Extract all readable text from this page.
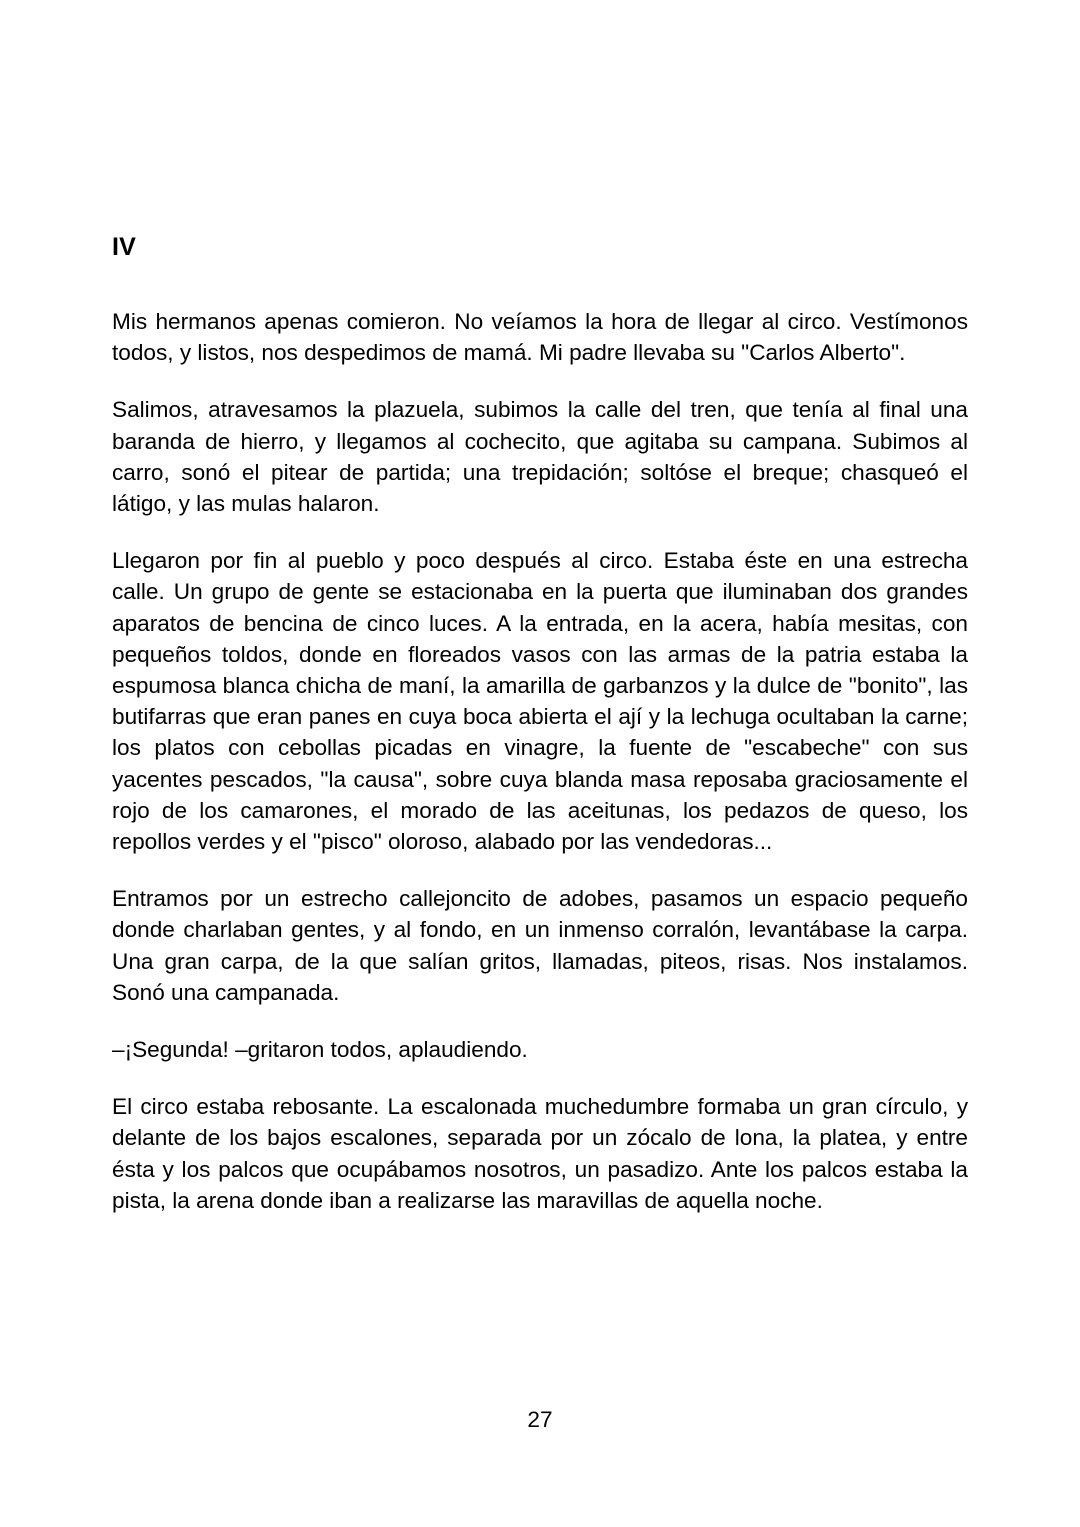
IV

Mis hermanos apenas comieron. No veíamos la hora de llegar al circo. Vestímonos todos, y listos, nos despedimos de mamá. Mi padre llevaba su "Carlos Alberto".

Salimos, atravesamos la plazuela, subimos la calle del tren, que tenía al final una baranda de hierro, y llegamos al cochecito, que agitaba su campana. Subimos al carro, sonó el pitear de partida; una trepidación; soltóse el breque; chasqueó el látigo, y las mulas halaron.

Llegaron por fin al pueblo y poco después al circo. Estaba éste en una estrecha calle. Un grupo de gente se estacionaba en la puerta que iluminaban dos grandes aparatos de bencina de cinco luces. A la entrada, en la acera, había mesitas, con pequeños toldos, donde en floreados vasos con las armas de la patria estaba la espumosa blanca chicha de maní, la amarilla de garbanzos y la dulce de "bonito", las butifarras que eran panes en cuya boca abierta el ají y la lechuga ocultaban la carne; los platos con cebollas picadas en vinagre, la fuente de "escabeche" con sus yacentes pescados, "la causa", sobre cuya blanda masa reposaba graciosamente el rojo de los camarones, el morado de las aceitunas, los pedazos de queso, los repollos verdes y el "pisco" oloroso, alabado por las vendedoras...

Entramos por un estrecho callejoncito de adobes, pasamos un espacio pequeño donde charlaban gentes, y al fondo, en un inmenso corralón, levantábase la carpa. Una gran carpa, de la que salían gritos, llamadas, piteos, risas. Nos instalamos. Sonó una campanada.

–¡Segunda! –gritaron todos, aplaudiendo.

El circo estaba rebosante. La escalonada muchedumbre formaba un gran círculo, y delante de los bajos escalones, separada por un zócalo de lona, la platea, y entre ésta y los palcos que ocupábamos nosotros, un pasadizo. Ante los palcos estaba la pista, la arena donde iban a realizarse las maravillas de aquella noche.

27
